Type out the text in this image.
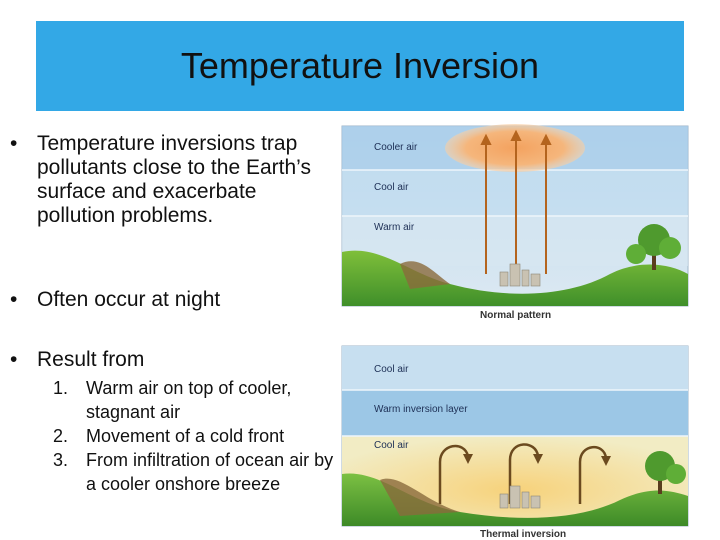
Temperature Inversion
• Temperature inversions trap pollutants close to the Earth’s surface and exacerbate pollution problems.
• Often occur at night
• Result from
1. Warm air on top of cooler, stagnant air
2. Movement of a cold front
3. From infiltration of ocean air by a cooler onshore breeze
Cooler air
Cool air
Warm air
Normal pattern
Cool air
Warm inversion layer
Cool air
Thermal inversion
